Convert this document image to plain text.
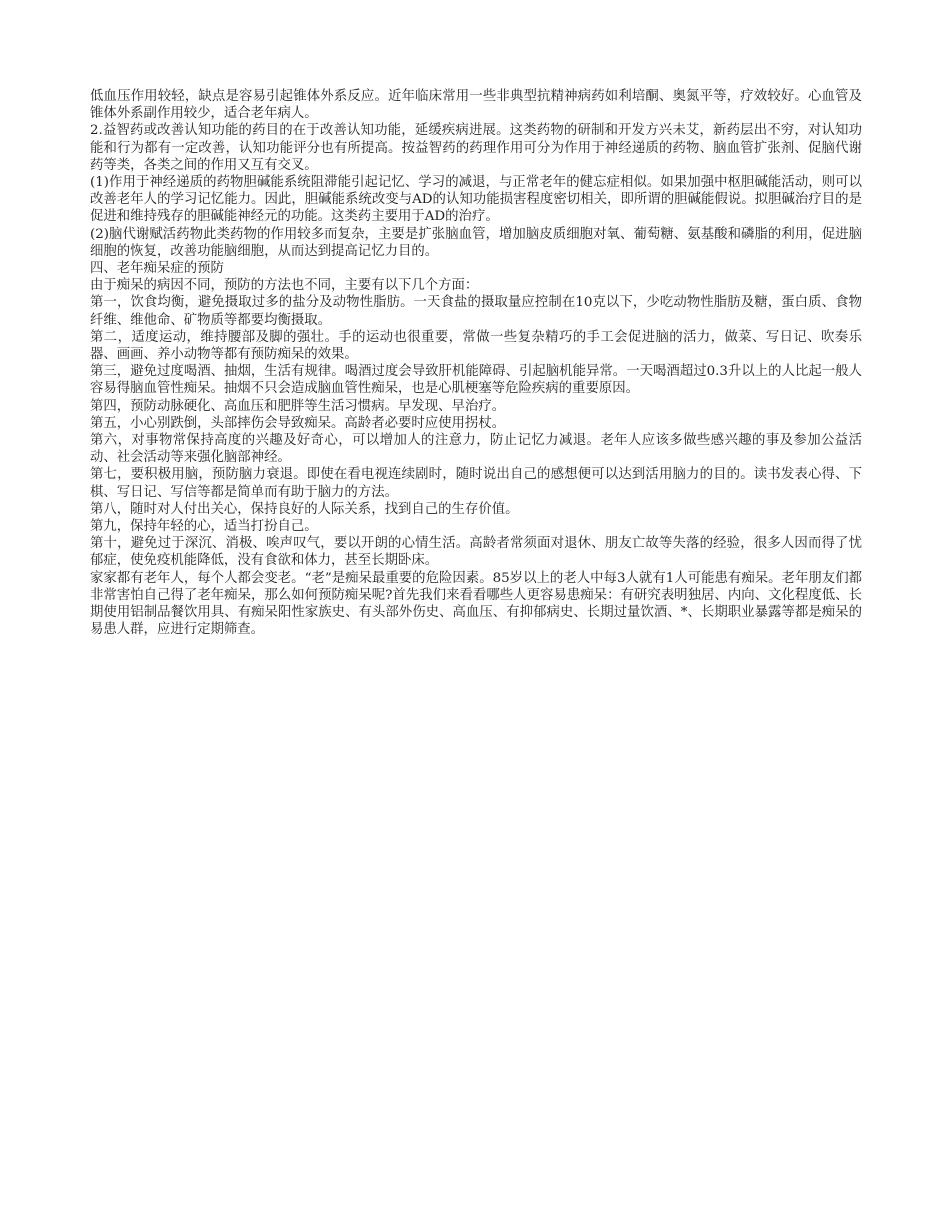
低血压作用较轻，缺点是容易引起锥体外系反应。近年临床常用一些非典型抗精神病药如利培酮、奥氮平等，疗效较好。心血管及锥体外系副作用较少，适合老年病人。

2.益智药或改善认知功能的药目的在于改善认知功能，延缓疾病进展。这类药物的研制和开发方兴未艾，新药层出不穷，对认知功能和行为都有一定改善，认知功能评分也有所提高。按益智药的药理作用可分为作用于神经递质的药物、脑血管扩张剂、促脑代谢药等类，各类之间的作用又互有交叉。

(1)作用于神经递质的药物胆碱能系统阻滞能引起记忆、学习的减退，与正常老年的健忘症相似。如果加强中枢胆碱能活动，则可以改善老年人的学习记忆能力。因此，胆碱能系统改变与AD的认知功能损害程度密切相关，即所谓的胆碱能假说。拟胆碱治疗目的是促进和维持残存的胆碱能神经元的功能。这类药主要用于AD的治疗。

(2)脑代谢赋活药物此类药物的作用较多而复杂，主要是扩张脑血管，增加脑皮质细胞对氧、葡萄糖、氨基酸和磷脂的利用，促进脑细胞的恢复，改善功能脑细胞，从而达到提高记忆力目的。

四、老年痴呆症的预防

由于痴呆的病因不同，预防的方法也不同，主要有以下几个方面：

第一，饮食均衡，避免摄取过多的盐分及动物性脂肪。一天食盐的摄取量应控制在10克以下，少吃动物性脂肪及糖，蛋白质、食物纤维、维他命、矿物质等都要均衡摄取。

第二，适度运动，维持腰部及脚的强壮。手的运动也很重要，常做一些复杂精巧的手工会促进脑的活力，做菜、写日记、吹奏乐器、画画、养小动物等都有预防痴呆的效果。

第三，避免过度喝酒、抽烟，生活有规律。喝酒过度会导致肝机能障碍、引起脑机能异常。一天喝酒超过0.3升以上的人比起一般人容易得脑血管性痴呆。抽烟不只会造成脑血管性痴呆，也是心肌梗塞等危险疾病的重要原因。

第四，预防动脉硬化、高血压和肥胖等生活习惯病。早发现、早治疗。

第五，小心别跌倒，头部摔伤会导致痴呆。高龄者必要时应使用拐杖。

第六，对事物常保持高度的兴趣及好奇心，可以增加人的注意力，防止记忆力减退。老年人应该多做些感兴趣的事及参加公益活动、社会活动等来强化脑部神经。

第七，要积极用脑，预防脑力衰退。即使在看电视连续剧时，随时说出自己的感想便可以达到活用脑力的目的。读书发表心得、下棋、写日记、写信等都是简单而有助于脑力的方法。

第八，随时对人付出关心，保持良好的人际关系，找到自己的生存价值。

第九，保持年轻的心，适当打扮自己。

第十，避免过于深沉、消极、唉声叹气，要以开朗的心情生活。高龄者常须面对退休、朋友亡故等失落的经验，很多人因而得了忧郁症，使免疫机能降低，没有食欲和体力，甚至长期卧床。

家家都有老年人，每个人都会变老。“老”是痴呆最重要的危险因素。85岁以上的老人中每3人就有1人可能患有痴呆。老年朋友们都非常害怕自己得了老年痴呆，那么如何预防痴呆呢?首先我们来看看哪些人更容易患痴呆：有研究表明独居、内向、文化程度低、长期使用铝制品餐饮用具、有痴呆阳性家族史、有头部外伤史、高血压、有抑郁病史、长期过量饮酒、*、长期职业暴露等都是痴呆的易患人群，应进行定期筛查。
